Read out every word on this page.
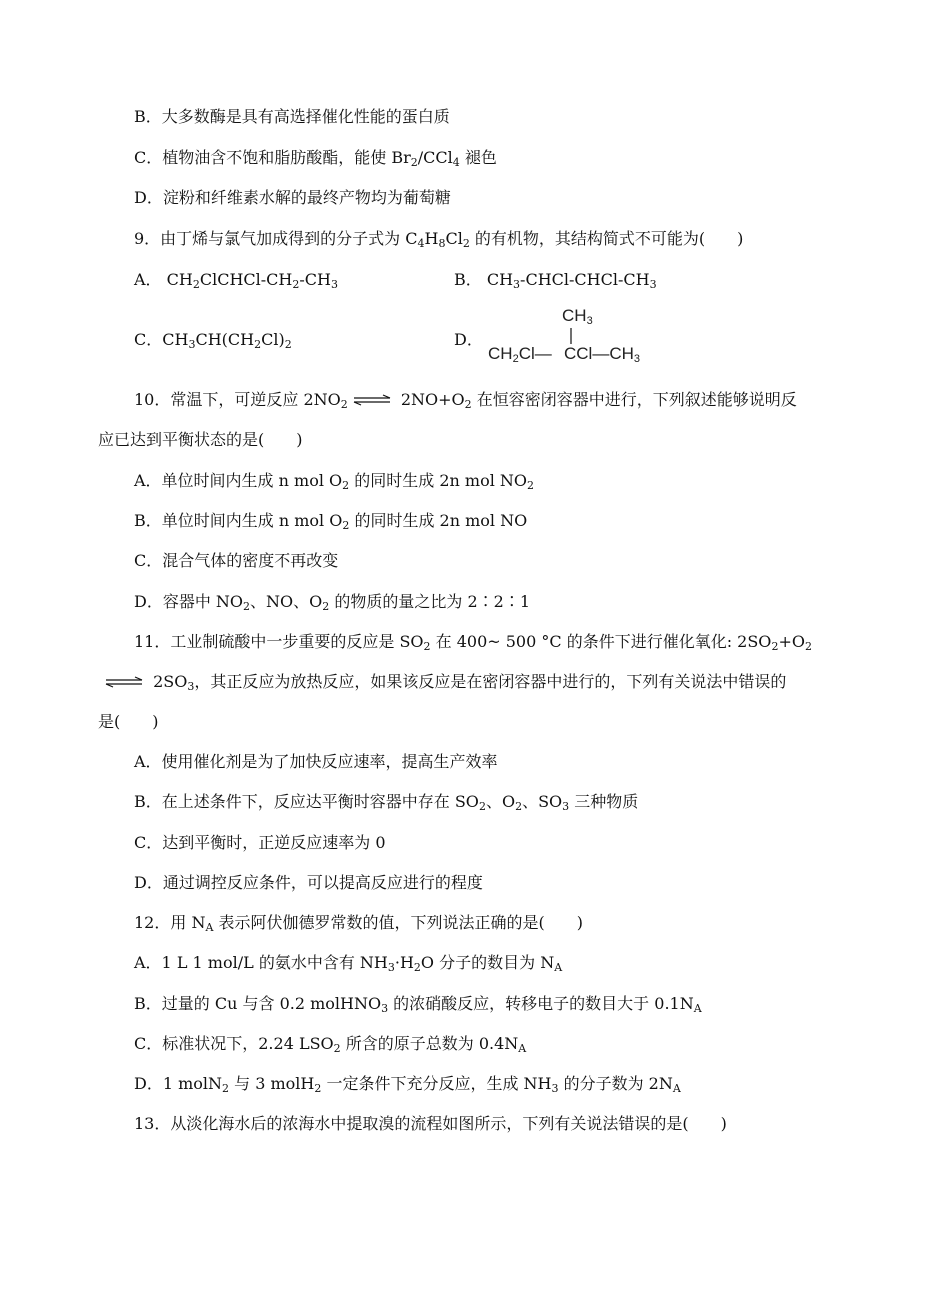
B．大多数酶是具有高选择催化性能的蛋白质
C．植物油含不饱和脂肪酸酯，能使 $Br_2/CCl_4$ 褪色
D．淀粉和纤维素水解的最终产物均为葡萄糖
9．由丁烯与氯气加成得到的分子式为 $C_4H_8Cl_2$ 的有机物，其结构简式不可能为(　　)
A． $CH_2ClCHCl-CH_2-CH_3$	B． $CH_3-CHCl-CHCl-CH_3$
C．$CH_3CH(CH_2Cl)_2$	D．
$CH_3$
$CH_2Cl—$ $CCl—CH_3$
10．常温下，可逆反应 $2NO_2$ ⇌ $2NO+O_2$ 在恒容密闭容器中进行，下列叙述能够说明反
应已达到平衡状态的是(　　)
A．单位时间内生成 n mol $O_2$ 的同时生成 2n mol $NO_2$
B．单位时间内生成 n mol $O_2$ 的同时生成 2n mol NO
C．混合气体的密度不再改变
D．容器中 $NO_2$、NO、$O_2$ 的物质的量之比为 2∶2∶1
11．工业制硫酸中一步重要的反应是 $SO_2$ 在 400~ 500 °C 的条件下进行催化氧化: $2SO_2+O_2$
⇌ $2SO_3$，其正反应为放热反应，如果该反应是在密闭容器中进行的，下列有关说法中错误的
是(　　)
A．使用催化剂是为了加快反应速率，提高生产效率
B．在上述条件下，反应达平衡时容器中存在 $SO_2$、$O_2$、$SO_3$ 三种物质
C．达到平衡时，正逆反应速率为 0
D．通过调控反应条件，可以提高反应进行的程度
12．用 $N_A$ 表示阿伏伽德罗常数的值，下列说法正确的是(　　)
A．1 L 1 mol/L 的氨水中含有 $NH_3\cdot H_2O$ 分子的数目为 $N_A$
B．过量的 Cu 与含 0.2 molHNO$_3$ 的浓硝酸反应，转移电子的数目大于 $0.1N_A$
C．标准状况下，2.24 $LSO_2$ 所含的原子总数为 $0.4N_A$
D．1 molN$_2$ 与 3 molH$_2$ 一定条件下充分反应，生成 $NH_3$ 的分子数为 $2N_A$
13．从淡化海水后的浓海水中提取溴的流程如图所示，下列有关说法错误的是(　　)
